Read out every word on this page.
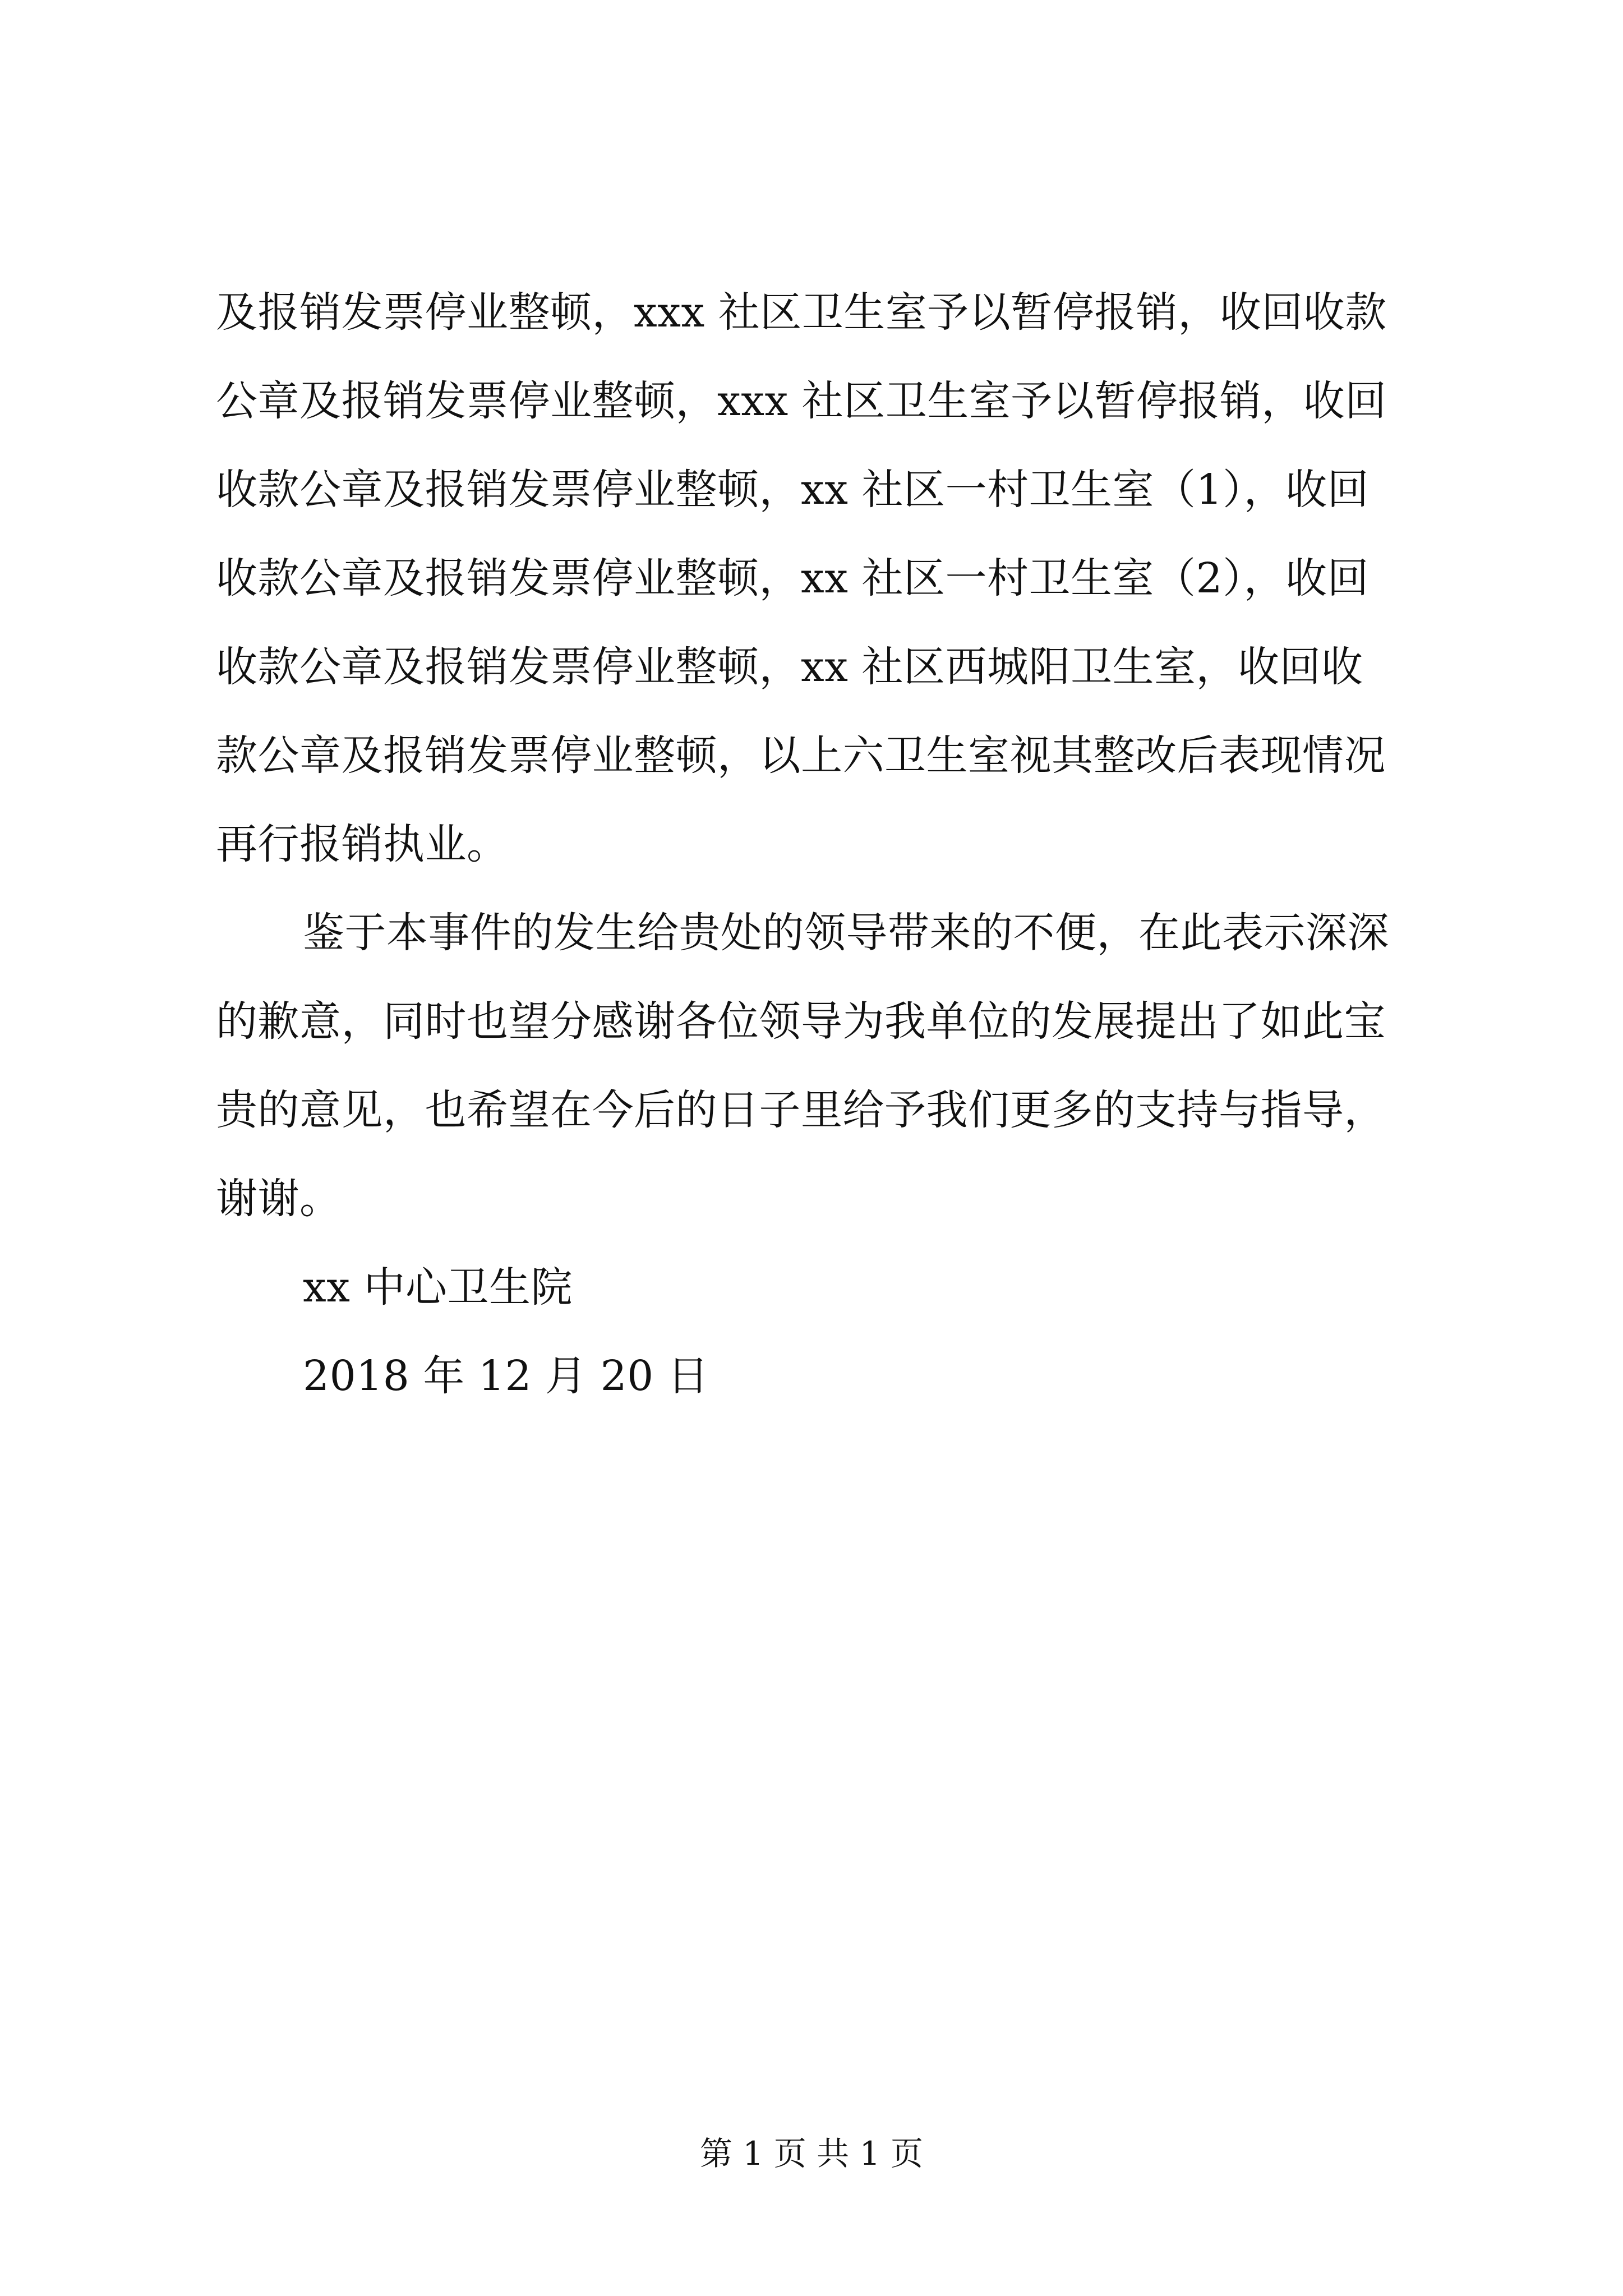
及报销发票停业整顿，xxx 社区卫生室予以暂停报销，收回收款
公章及报销发票停业整顿，xxx 社区卫生室予以暂停报销，收回
收款公章及报销发票停业整顿，xx 社区一村卫生室（1），收回
收款公章及报销发票停业整顿，xx 社区一村卫生室（2），收回
收款公章及报销发票停业整顿，xx 社区西城阳卫生室，收回收
款公章及报销发票停业整顿，以上六卫生室视其整改后表现情况
再行报销执业。
鉴于本事件的发生给贵处的领导带来的不便，在此表示深深
的歉意，同时也望分感谢各位领导为我单位的发展提出了如此宝
贵的意见，也希望在今后的日子里给予我们更多的支持与指导，
谢谢。
xx 中心卫生院
2018 年 12 月 20 日
第 1 页 共 1 页
